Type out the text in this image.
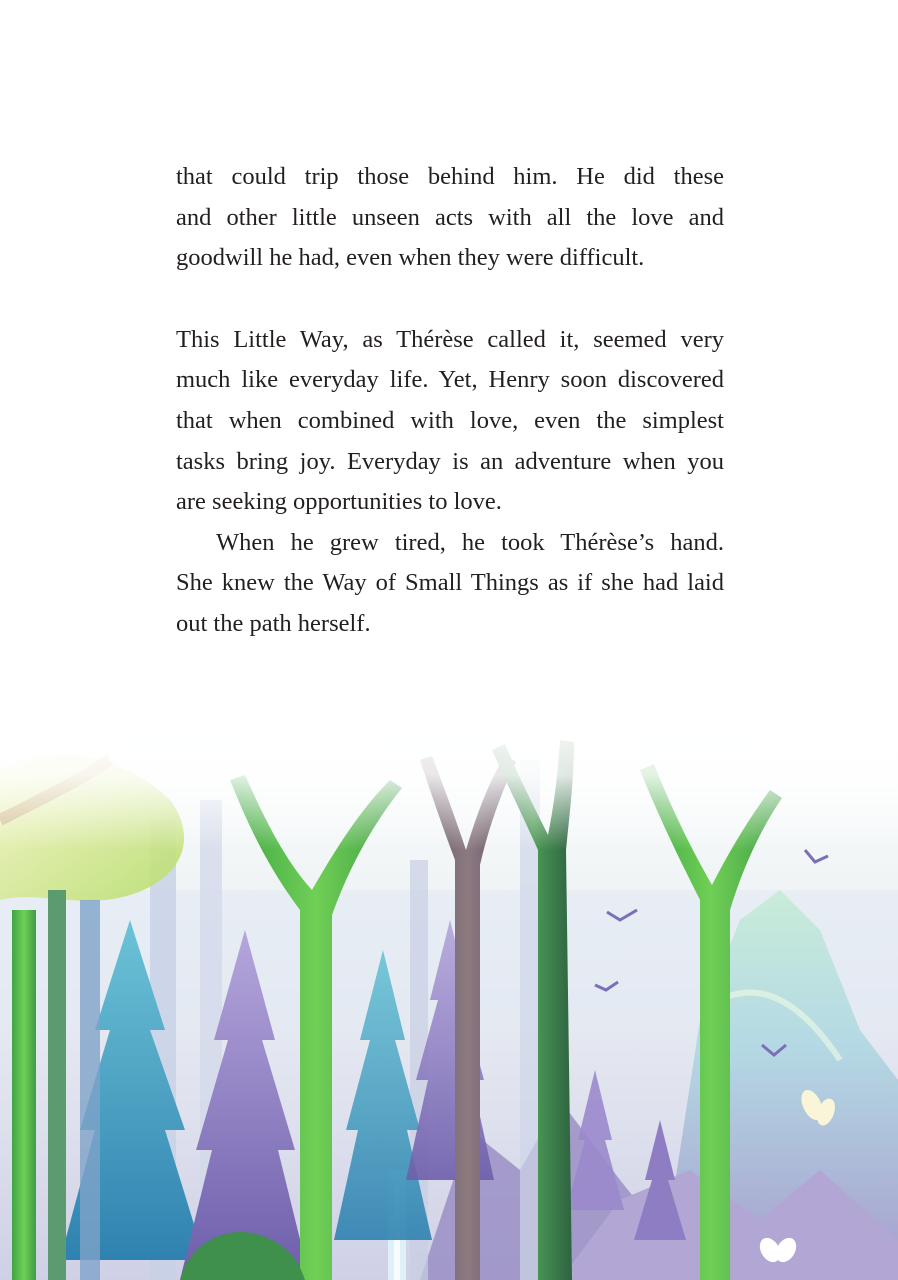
that could trip those behind him. He did these
and other little unseen acts with all the love and
goodwill he had, even when they were difficult.
This Little Way, as Thérèse called it, seemed very
much like everyday life. Yet, Henry soon discovered
that when combined with love, even the simplest
tasks bring joy. Everyday is an adventure when you
are seeking opportunities to love.
When he grew tired, he took Thérèse’s hand.
She knew the Way of Small Things as if she had laid
out the path herself.
